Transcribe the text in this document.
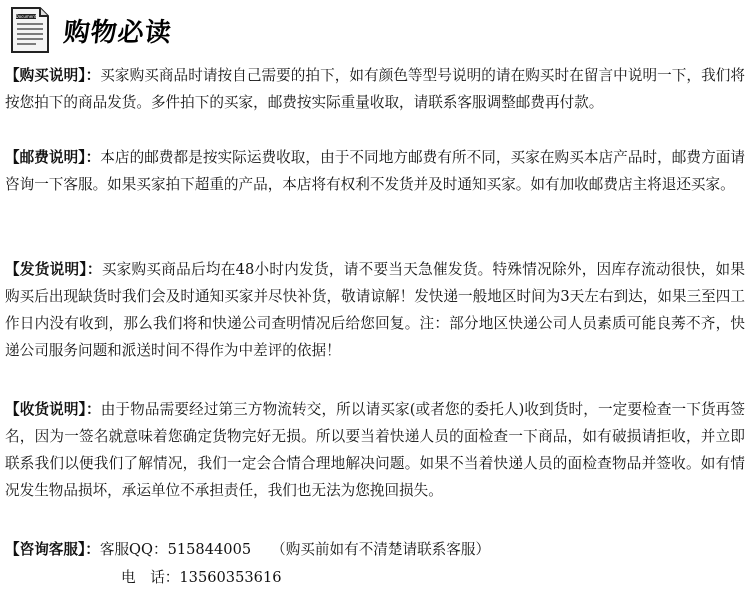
Document
购物必读
【购买说明】：买家购买商品时请按自己需要的拍下，如有颜色等型号说明的请在购买时在留言中说明一下，我们将按您拍下的商品发货。多件拍下的买家，邮费按实际重量收取，请联系客服调整邮费再付款。
【邮费说明】：本店的邮费都是按实际运费收取，由于不同地方邮费有所不同，买家在购买本店产品时，邮费方面请咨询一下客服。如果买家拍下超重的产品，本店将有权利不发货并及时通知买家。如有加收邮费店主将退还买家。
【发货说明】：买家购买商品后均在48小时内发货，请不要当天急催发货。特殊情况除外，因库存流动很快，如果购买后出现缺货时我们会及时通知买家并尽快补货，敬请谅解！发快递一般地区时间为3天左右到达，如果三至四工作日内没有收到，那么我们将和快递公司查明情况后给您回复。注：部分地区快递公司人员素质可能良莠不齐，快递公司服务问题和派送时间不得作为中差评的依据！
【收货说明】：由于物品需要经过第三方物流转交，所以请买家(或者您的委托人)收到货时，一定要检查一下货再签名，因为一签名就意味着您确定货物完好无损。所以要当着快递人员的面检查一下商品，如有破损请拒收，并立即联系我们以便我们了解情况，我们一定会合情合理地解决问题。如果不当着快递人员的面检查物品并签收。如有情况发生物品损坏，承运单位不承担责任，我们也无法为您挽回损失。
【咨询客服】：客服QQ：515844005 （购买前如有不清楚请联系客服）
电　话：13560353616
